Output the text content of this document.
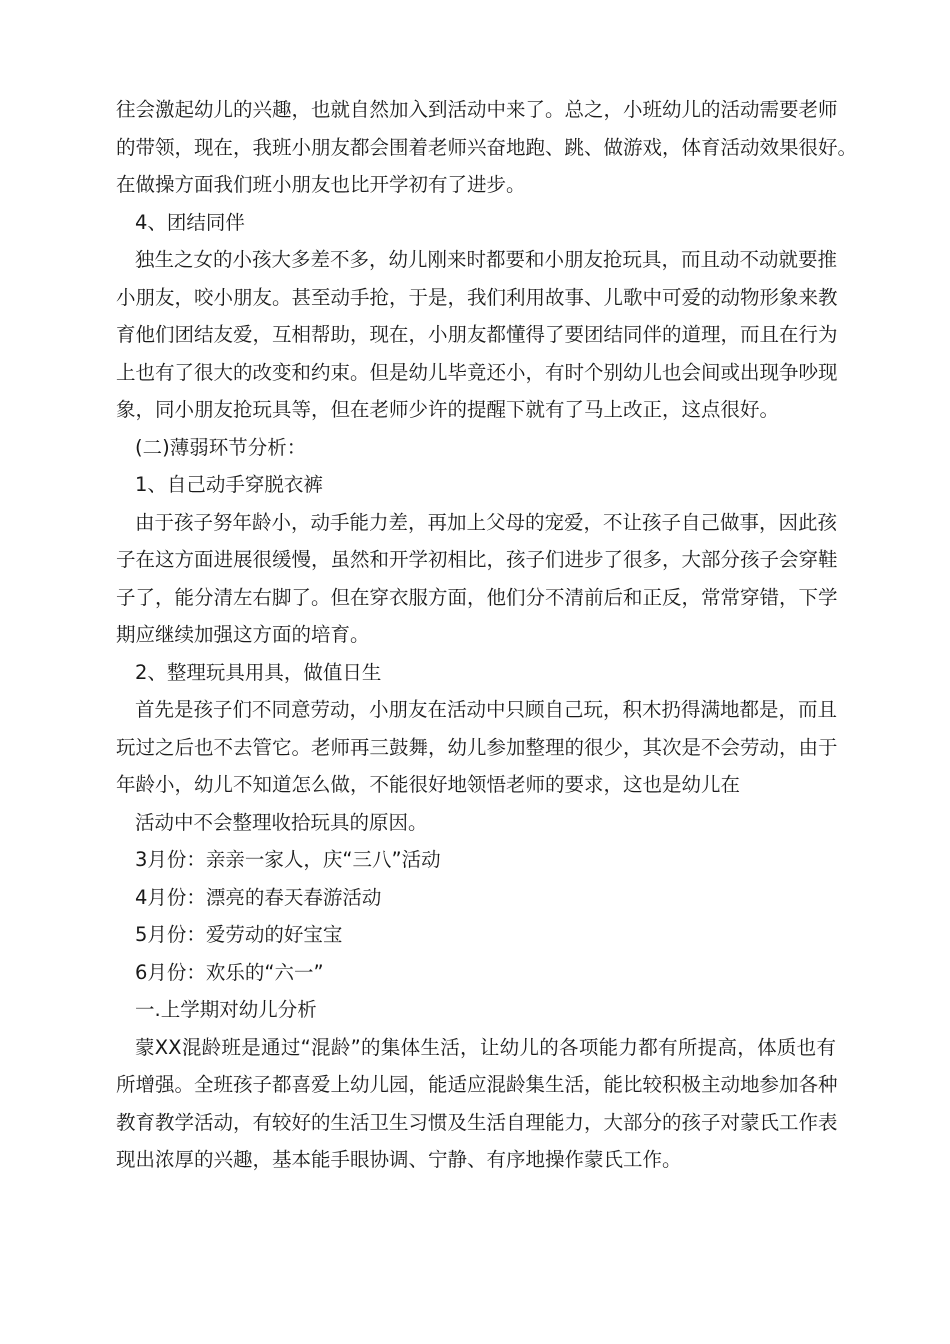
往会激起幼儿的兴趣，也就自然加入到活动中来了。总之，小班幼儿的活动需要老师
的带领，现在，我班小朋友都会围着老师兴奋地跑、跳、做游戏，体育活动效果很好。
在做操方面我们班小朋友也比开学初有了进步。
4、团结同伴
独生之女的小孩大多差不多，幼儿刚来时都要和小朋友抢玩具，而且动不动就要推
小朋友，咬小朋友。甚至动手抢，于是，我们利用故事、儿歌中可爱的动物形象来教
育他们团结友爱，互相帮助，现在，小朋友都懂得了要团结同伴的道理，而且在行为
上也有了很大的改变和约束。但是幼儿毕竟还小，有时个别幼儿也会间或出现争吵现
象，同小朋友抢玩具等，但在老师少许的提醒下就有了马上改正，这点很好。
(二)薄弱环节分析：
1、自己动手穿脱衣裤
由于孩子努年龄小，动手能力差，再加上父母的宠爱，不让孩子自己做事，因此孩
子在这方面进展很缓慢，虽然和开学初相比，孩子们进步了很多，大部分孩子会穿鞋
子了，能分清左右脚了。但在穿衣服方面，他们分不清前后和正反，常常穿错，下学
期应继续加强这方面的培育。
2、整理玩具用具，做值日生
首先是孩子们不同意劳动，小朋友在活动中只顾自己玩，积木扔得满地都是，而且
玩过之后也不去管它。老师再三鼓舞，幼儿参加整理的很少，其次是不会劳动，由于
年龄小，幼儿不知道怎么做，不能很好地领悟老师的要求，这也是幼儿在
活动中不会整理收拾玩具的原因。
3月份：亲亲一家人，庆“三八”活动
4月份：漂亮的春天春游活动
5月份：爱劳动的好宝宝
6月份：欢乐的“六一”
一.上学期对幼儿分析
蒙XX混龄班是通过“混龄”的集体生活，让幼儿的各项能力都有所提高，体质也有
所增强。全班孩子都喜爱上幼儿园，能适应混龄集生活，能比较积极主动地参加各种
教育教学活动，有较好的生活卫生习惯及生活自理能力，大部分的孩子对蒙氏工作表
现出浓厚的兴趣，基本能手眼协调、宁静、有序地操作蒙氏工作。
